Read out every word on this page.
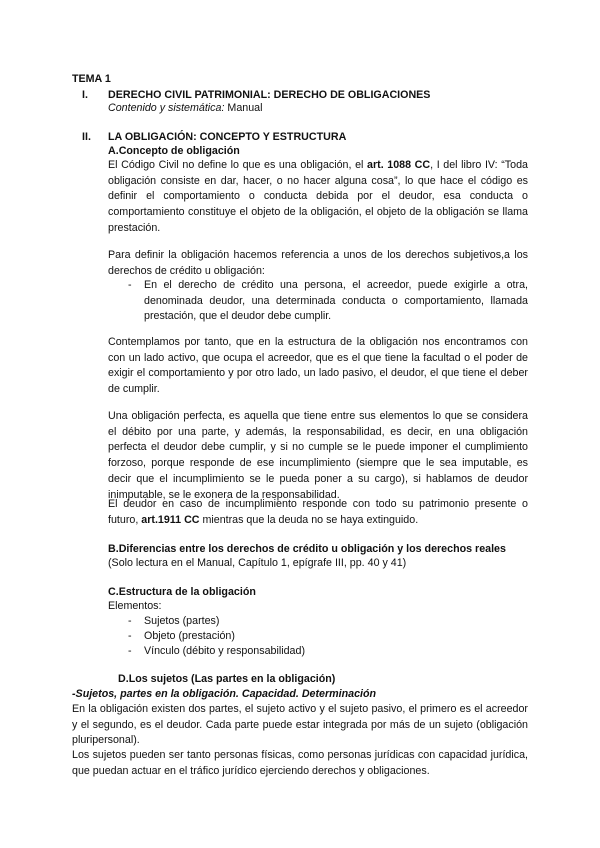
TEMA 1
I. DERECHO CIVIL PATRIMONIAL: DERECHO DE OBLIGACIONES
Contenido y sistemática: Manual
II. LA OBLIGACIÓN: CONCEPTO Y ESTRUCTURA
A.Concepto de obligación
El Código Civil no define lo que es una obligación, el art. 1088 CC, I del libro IV: “Toda obligación consiste en dar, hacer, o no hacer alguna cosa”, lo que hace el código es definir el comportamiento o conducta debida por el deudor, esa conducta o comportamiento constituye el objeto de la obligación, el objeto de la obligación se llama prestación.
Para definir la obligación hacemos referencia a unos de los derechos subjetivos,a los derechos de crédito u obligación:
- En el derecho de crédito una persona, el acreedor, puede exigirle a otra, denominada deudor, una determinada conducta o comportamiento, llamada prestación, que el deudor debe cumplir.
Contemplamos por tanto, que en la estructura de la obligación nos encontramos con con un lado activo, que ocupa el acreedor, que es el que tiene la facultad o el poder de exigir el comportamiento y por otro lado, un lado pasivo, el deudor, el que tiene el deber de cumplir.
Una obligación perfecta, es aquella que tiene entre sus elementos lo que se considera el débito por una parte, y además, la responsabilidad, es decir, en una obligación perfecta el deudor debe cumplir, y si no cumple se le puede imponer el cumplimiento forzoso, porque responde de ese incumplimiento (siempre que le sea imputable, es decir que el incumplimiento se le pueda poner a su cargo), si hablamos de deudor inimputable, se le exonera de la responsabilidad.
El deudor en caso de incumplimiento responde con todo su patrimonio presente o futuro, art.1911 CC mientras que la deuda no se haya extinguido.
B.Diferencias entre los derechos de crédito u obligación y los derechos reales
(Solo lectura en el Manual, Capítulo 1, epígrafe III, pp. 40 y 41)
C.Estructura de la obligación
Elementos:
- Sujetos (partes)
- Objeto (prestación)
- Vínculo (débito y responsabilidad)
D.Los sujetos (Las partes en la obligación)
-Sujetos, partes en la obligación. Capacidad. Determinación
En la obligación existen dos partes, el sujeto activo y el sujeto pasivo, el primero es el acreedor y el segundo, es el deudor. Cada parte puede estar integrada por más de un sujeto (obligación pluripersonal).
Los sujetos pueden ser tanto personas físicas, como personas jurídicas con capacidad jurídica, que puedan actuar en el tráfico jurídico ejerciendo derechos y obligaciones.
